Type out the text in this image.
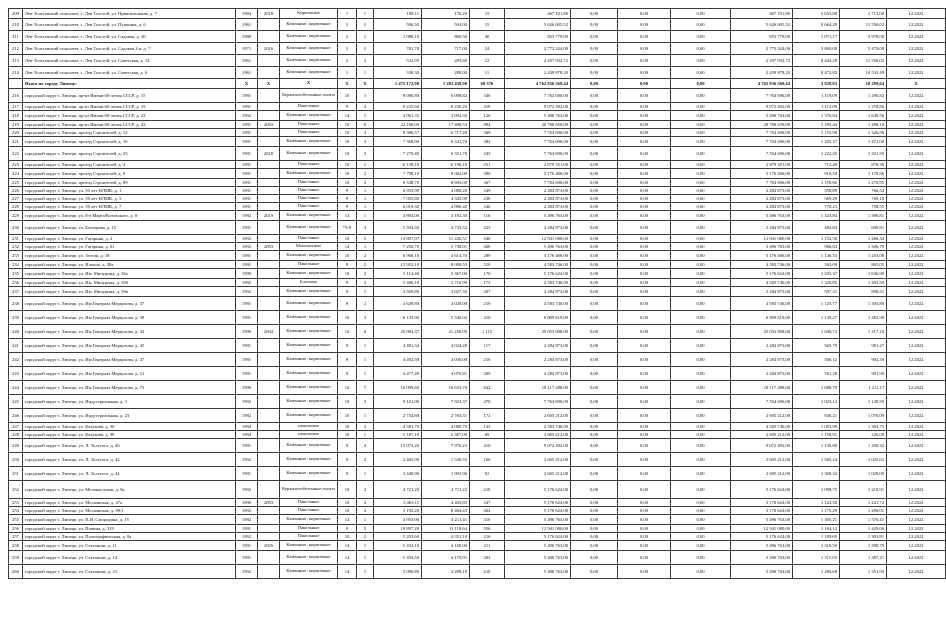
209	Лев-Толстовский сельсовет, с. Лев Толстой, ул. Привокзальная, д. 7	1984	2018	Кирпичные	1	1	198,11	176,20	15	467 101,80	0,00	0,00	0,00	467 101,80	2 653,88	2 713,00	12.2022
210	Лев-Толстовский сельсовет, с. Лев Толстой, ул. Пушкина, д. 6	1961		Каменные, кирпичные	2	2	596,50	504,00	15	5 626 605,52	0,00	0,00	0,00	5 626 605,52	9 664,29	11 556,02	12.2022
211	Лев-Толстовский сельсовет, с. Лев Толстой, ул. Садовая, д. 30	1980		Каменные, кирпичные	2	1	1 088,10	860,50	40	853 779,00	0,00	0,00	0,00	853 779,00	1 071,17	3 978,00	12.2022
212	Лев-Толстовский сельсовет, с. Лев Толстой, ул. Садовая 2-я, д. 7	1971	2016	Каменные, кирпичные	2	2	781,70	717,00	24	2 773 324,00	0,00	0,00	0,00	2 773 324,00	3 869,00	5 479,00	12.2022
213	Лев-Толстовский сельсовет, с. Лев Толстой, ул. Советская, д. 14	1961		Каменные, кирпичные	2	2	532,95	283,80	12	2 297 932,72	0,00	0,00	0,00	2 297 932,72	8 444,28	11 556,02	12.2022
214	Лев-Толстовский сельсовет, с. Лев Толстой, ул. Советская, д. 6	1961		Каменные, кирпичные	1	1	338,30	288,00	11	2 439 878,20	0,00	0,00	0,00	2 439 878,20	8 472,83	10 533,49	12.2022
	Итого по городу Липецк:	X	X	X	X	X	1 475 172,98	1 283 438,90	60 376	4 762 836 569,44	0,00	0,00	0,00	4 762 836 569,44	3 928,83	10 289,64	X
216	городской округ г. Липецк, пр-кт Имени 60-летия СССР, д. 15	1991		Керамзитобетонные плиты	10	3	8 086,80	6 098,82	340	7 764 696,00	0,00	0,00	0,00	7 764 696,00	1 119,09	1 296,82	12.2022
217	городской округ г. Липецк, пр-кт Имени 60-летия СССР, д. 19	1991		Панельные	9	4	9 225,60	8 230,20	418	9 072 492,00	0,00	0,00	0,00	9 072 492,00	1 113,09	1 378,86	12.2022
218	городской округ г. Липецк, пр-кт Имени 60-летия СССР, д. 23	1992		Каменные, кирпичные	14	1	4 961,35	3 992,30	126	5 496 763,00	0,00	0,00	0,00	5 496 763,00	1 376,84	1 649,56	12.2022
219	городской округ г. Липецк, пр-кт Имени 60-летия СССР, д. 43	1991	2003	Панельные	10	6	22 180,00	17 408,53	984	20 788 650,00	0,00	0,00	0,00	20 788 650,00	1 185,44	1 289,10	12.2022
220	городской округ г. Липецк, проезд Строителей, д. 12	1991		Панельные	10	3	8 386,57	6 717,20	369	7 764 696,00	0,00	0,00	0,00	7 764 696,00	1 155,98	1 326,56	12.2022
221	городской округ г. Липецк, проезд Строителей, д. 16	1991		Каменные, кирпичные	10	3	7 368,90	6 441,70	384	7 764 696,00	0,00	0,00	0,00	7 764 696,00	1 205,37	1 471,00	12.2022
222	городской округ г. Липецк, проезд Строителей, д. 35	1991	2018	Каменные, кирпичные	10	3	7 279,40	6 351,70	345	7 764 696,00	0,00	0,00	0,00	7 764 696,00	1 222,45	1 331,59	12.2022
223	городской округ г. Липецк, проезд Строителей, д. 4	1991		Панельные	10	1	6 138,10	6 198,10	251	2 879 351,00	0,00	0,00	0,00	2 879 351,00	712,48	878,30	12.2022
224	городской округ г. Липецк, проезд Строителей, д. 8	1991		Каменные, кирпичные	10	2	7 798,10	8 062,00	390	5 176 406,00	0,00	0,00	0,00	5 176 406,00	910,59	1 176,56	12.2022
225	городской округ г. Липецк, проезд Строителей, д. 89	1991		Панельные	10	3	9 548,70	8 693,00	367	7 764 696,00	0,00	0,00	0,00	7 764 696,00	1 159,66	1 276,95	12.2022
226	городской округ г. Липецк, ул. 50 лет НЛМК, д. 1	1991		Панельные	9	1	6 953,90	4 088,20	249	2 284 873,00	0,00	0,00	0,00	2 284 873,00	558,89	766,54	12.2022
227	городской округ г. Липецк, ул. 50 лет НЛМК, д. 5	1991		Панельные	9	1	7 055,80	4 345,90	238	2 284 873,00	0,00	0,00	0,00	2 284 873,00	569,29	769,18	12.2022
228	городской округ г. Липецк, ул. 50 лет НЛМК, д. 7	1991		Панельные	9	1	6 018,30	4 980,40	246	2 284 873,00	0,00	0,00	0,00	2 284 873,00	778,23	758,55	12.2022
229	городской округ г. Липецк, ул. 8-е Марта/Котовского, д. 8	1992	2019	Каменные, кирпичные	14	1	4 894,00	4 192,30	110	5 496 763,00	0,00	0,00	0,00	5 496 763,00	1 323,84	1 396,81	12.2022
230	городской округ г. Липецк, ул. Бехтерева, д. 15	1991		Каменные, кирпичные	*5-9	3	5 594,30	4 733,32	225	2 284 873,00	0,00	0,00	0,00	2 284 873,00	482,83	609,81	12.2022
231	городской округ г. Липецк, ул. Гагарина, д. 2	1992		Панельные	10	5	13 897,07	11 226,51	340	12 941 080,00	0,00	0,00	0,00	12 941 080,00	1 152,58	1 266,34	12.2022
232	городской округ г. Липецк, ул. Гагарина, д. 61	1992	2003	Монолитные	14	1	7 250,70	5 738,01	268	5 496 763,00	0,00	0,00	0,00	5 496 763,00	966,04	1 306,79	12.2022
233	городской округ г. Липецк, ул. Зегеля, д. 18	1991		Каменные, кирпичные	10	2	6 968,10	4 614,70	289	5 176 406,00	0,00	0,00	0,00	5 176 406,00	1 146,53	1 253,08	12.2022
234	городской округ г. Липецк, ул. Ильича, д. 38а	1991		Панельные	9	2	12 952,10	8 098,53	510	4 583 746,00	0,00	0,00	0,00	4 583 746,00	563,09	865,05	12.2022
235	городской округ г. Липецк, ул. Им. Мичурина, д. 36а	1990		Каменные, кирпичные	10	2	5 114,40	3 367,00	170	5 176 624,00	0,00	0,00	0,00	5 176 624,00	1 503,37	1 636,90	12.2022
236	городской округ г. Липецк, ул. Им. Мичурина, д. 39б	1992		Блочные	9	2	5 486,10	2 716,90	175	4 583 746,00	0,00	0,00	0,00	4 583 746,00	1 320,85	1 493,59	12.2022
237	городской округ г. Липецк, ул. Им. Мичурина, д. 39в	1992		Каменные, кирпичные	9	1	3 569,80	3 827,30	207	2 284 873,00	0,00	0,00	0,00	2 284 873,00	597,31	898,51	12.2022
238	городской округ г. Липецк, ул. Им.Генерала Меркулова, д. 37	1991		Каменные, кирпичные	9	2	4 629,80	4 028,00	219	4 583 746,00	0,00	0,00	0,00	4 583 746,00	1 125,77	1 305,80	12.2022
239	городской округ г. Липецк, ул. Им.Генерала Меркулова, д. 38	1991		Каменные, кирпичные	10	3	6 133,90	5 540,02	310	6 809 619,00	0,00	0,00	0,00	6 809 619,00	1 149,27	1 485,98	12.2022
240	городской округ г. Липецк, ул. Им.Генерала Меркулова, д. 43	1990	2004	Каменные, кирпичные	10	8	25 984,37	21 258,05	1 115	25 053 908,00	0,00	0,00	0,00	25 053 908,00	1 030,72	1 217,18	12.2022
241	городской округ г. Липецк, ул. Им.Генерала Меркулова, д. 45	1991		Каменные, кирпичные	9	1	4 481,34	4 024,48	117	2 284 873,00	0,00	0,00	0,00	2 284 873,00	565,79	981,47	12.2022
242	городской округ г. Липецк, ул. Им.Генерала Меркулова, д. 47	1991		Каменные, кирпичные	9	1	4 492,50	4 030,00	210	2 284 873,00	0,00	0,00	0,00	2 284 873,00	566,12	904,39	12.2022
243	городской округ г. Липецк, ул. Им.Генерала Меркулова, д. 51	1991		Каменные, кирпичные	9	1	4 477,49	4 070,81	209	2 284 873,00	0,00	0,00	0,00	2 284 873,00	561,28	901,90	12.2022
244	городской округ г. Липецк, ул. Им.Генерала Меркулова, д. 73	1990		Каменные, кирпичные	10	7	16 099,60	16 653,79	842	18 117 488,00	0,00	0,00	0,00	18 117 488,00	1 088,79	1 211,17	12.2022
245	городской округ г. Липецк, ул. Индустриальная, д. 3	1992		Каменные, кирпичные	10	3	9 101,00	7 923,37	470	7 764 696,00	0,00	0,00	0,00	7 764 696,00	1 023,12	1 149,59	12.2022
246	городской округ г. Липецк, ул. Индустриальная, д. 23	1992		Каменные, кирпичные	10	1	2 754,60	2 763,31	172	2 605 212,00	0,00	0,00	0,00	2 605 212,00	946,21	1 076,09	12.2022
247	городской округ г. Липецк, ул. Катукова, д. 56	1994		панельные	10	2	4 581,70	4 080,70	143	4 583 746,00	0,00	0,00	0,00	4 583 746,00	1 053,99	1 304,75	12.2022
248	городской округ г. Липецк, ул. Катукова, д. 98	1994		панельные	10	1	5 187,10	2 367,00	69	2 605 212,00	0,00	0,00	0,00	2 605 212,00	1 158,91	226,00	12.2022
249	городской округ г. Липецк, ул. Л. Толстого, д. 40	1991		Каменные, кирпичные	9	4	13 073,20	7 976,23	410	9 072 492,00	0,00	0,00	0,00	9 072 492,00	1 136,80	1 298,32	12.2022
250	городской округ г. Липецк, ул. Л. Толстого, д. 42	1992		Каменные, кирпичные	9	2	2 405,90	1 540,55	106	2 605 212,00	0,00	0,00	0,00	2 605 212,00	1 565,24	1 025,62	12.2022
251	городской округ г. Липецк, ул. Л. Толстого, д. 44	1991		Каменные, кирпичные	9	1	2 440,90	1 903,96	92	2 605 212,00	0,00	0,00	0,00	2 605 212,00	1 368,32	1 029,00	12.2022
252	городской округ г. Липецк, ул. Меланхолская, д. 9а	1992		Керамзитобетонные плиты	10	2	4 721,20	4 711,22	218	5 176 624,00	0,00	0,00	0,00	5 176 624,00	1 098,75	1 219,91	12.2022
253	городской округ г. Липецк, ул. Московская, д. 47а	1990	2003	Панельные	10	2	5 463,11	4 403,83	247	5 176 624,00	0,00	0,00	0,00	5 176 624,00	1 122,30	1 241,72	12.2022
254	городской округ г. Липецк, ул. Московская, д. 99/1	1992		Панельные	10	2	5 192,20	8 464,43	264	5 176 624,00	0,00	0,00	0,00	5 176 624,00	1 175,29	1 298,01	12.2022
255	городской округ г. Липецк, ул. П.И. Смородина, д. 15	1992		Каменные, кирпичные	14	1	4 953,90	4 211,41	310	5 496 763,00	0,00	0,00	0,00	5 496 763,00	1 305,21	1 376,41	12.2022
256	городской округ г. Липецк, ул. Папина, д. 319	1991		Панельные	9	5	19 897,20	11 118,64	556	12 941 080,00	0,00	0,00	0,00	12 941 080,00	1 164,12	1 429,06	12.2022
257	городской округ г. Липецк, ул. Полиграфическая, д. 8а	1992		Панельные	10	2	5 203,60	4 351,10	216	5 176 624,00	0,00	0,00	0,00	5 176 624,00	1 189,69	1 303,81	12.2022
258	городской округ г. Липецк, ул. Стаханова, д. 11	1991	2005	Каменные, кирпичные	14	1	5 434,10	4 169,00	211	5 496 763,00	0,00	0,00	0,00	5 496 763,00	1 318,50	1 398,79	12.2022
259	городской округ г. Липецк, ул. Стаханова, д. 13	1991		Каменные, кирпичные	14	1	5 454,50	4 179,91	203	5 496 763,00	0,00	0,00	0,00	5 496 763,00	1 315,05	1 387,21	12.2022
260	городской округ г. Липецк, ул. Стаханова, д. 21	1992		Каменные, кирпичные	14	1	5 090,80	4 298,10	218	5 496 763,00	0,00	0,00	0,00	5 496 763,00	1 280,68	1 351,93	12.2022
